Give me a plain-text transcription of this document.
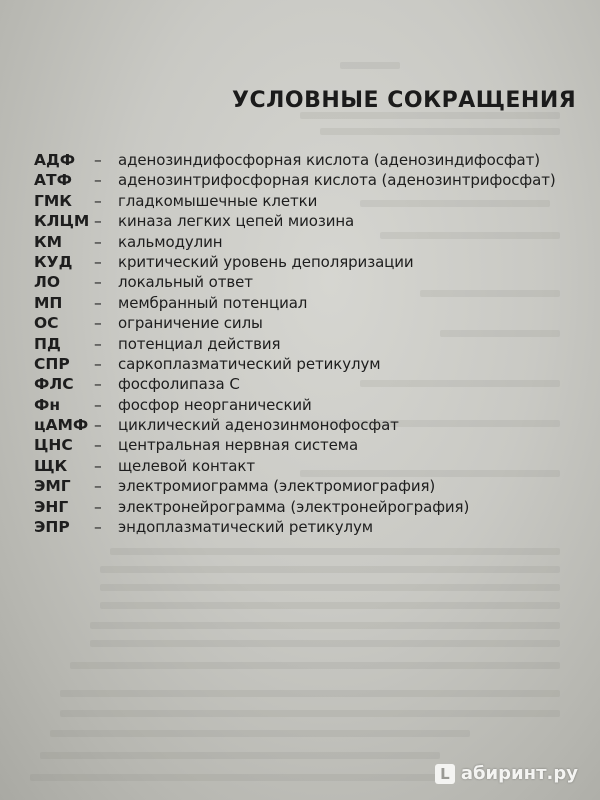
УСЛОВНЫЕ СОКРАЩЕНИЯ
АДФ – аденозиндифосфорная кислота (аденозиндифосфат)
АТФ – аденозинтрифосфорная кислота (аденозинтрифосфат)
ГМК – гладкомышечные клетки
КЛЦМ – киназа легких цепей миозина
КМ – кальмодулин
КУД – критический уровень деполяризации
ЛО – локальный ответ
МП – мембранный потенциал
ОС – ограничение силы
ПД – потенциал действия
СПР – саркоплазматический ретикулум
ФЛС – фосфолипаза С
Фн – фосфор неорганический
цАМФ – циклический аденозинмонофосфат
ЦНС – центральная нервная система
ЩК – щелевой контакт
ЭМГ – электромиограмма (электромиография)
ЭНГ – электронейрограмма (электронейрография)
ЭПР – эндоплазматический ретикулум
L абиринт.ру
